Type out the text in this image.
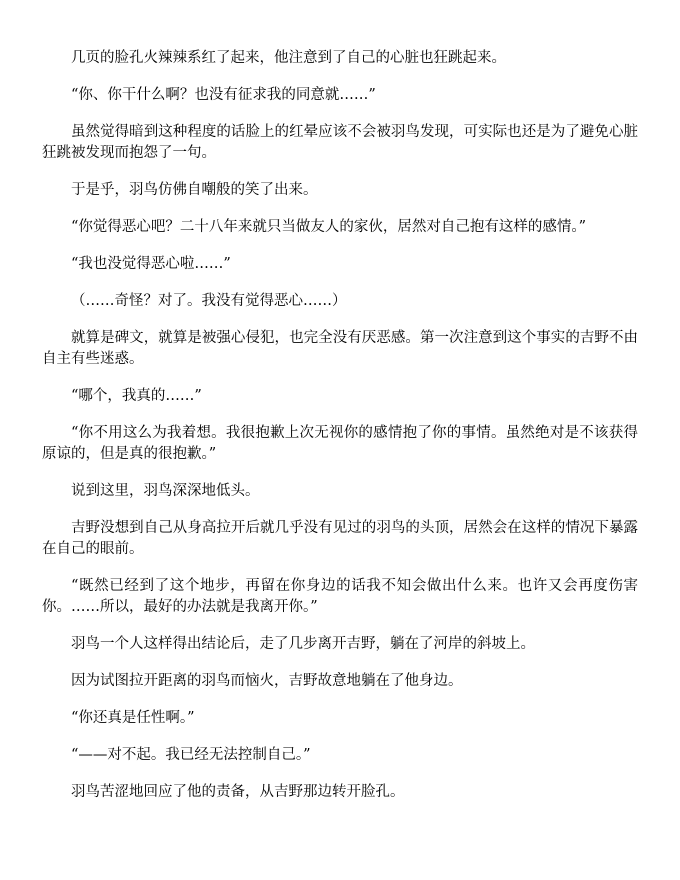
几页的脸孔火辣辣系红了起来，他注意到了自己的心脏也狂跳起来。

“你、你干什么啊？也没有征求我的同意就……”

虽然觉得暗到这种程度的话脸上的红晕应该不会被羽鸟发现，可实际也还是为了避免心脏狂跳被发现而抱怨了一句。

于是乎，羽鸟仿佛自嘲般的笑了出来。

“你觉得恶心吧？二十八年来就只当做友人的家伙，居然对自己抱有这样的感情。”

“我也没觉得恶心啦……”

（……奇怪？对了。我没有觉得恶心……）

就算是碑文，就算是被强心侵犯，也完全没有厌恶感。第一次注意到这个事实的吉野不由自主有些迷惑。

“哪个，我真的……”

“你不用这么为我着想。我很抱歉上次无视你的感情抱了你的事情。虽然绝对是不该获得原谅的，但是真的很抱歉。”

说到这里，羽鸟深深地低头。

吉野没想到自己从身高拉开后就几乎没有见过的羽鸟的头顶，居然会在这样的情况下暴露在自己的眼前。

“既然已经到了这个地步，再留在你身边的话我不知会做出什么来。也许又会再度伤害你。……所以，最好的办法就是我离开你。”

羽鸟一个人这样得出结论后，走了几步离开吉野，躺在了河岸的斜坡上。

因为试图拉开距离的羽鸟而恼火，吉野故意地躺在了他身边。

“你还真是任性啊。”

“——对不起。我已经无法控制自己。”

羽鸟苦涩地回应了他的责备，从吉野那边转开脸孔。
